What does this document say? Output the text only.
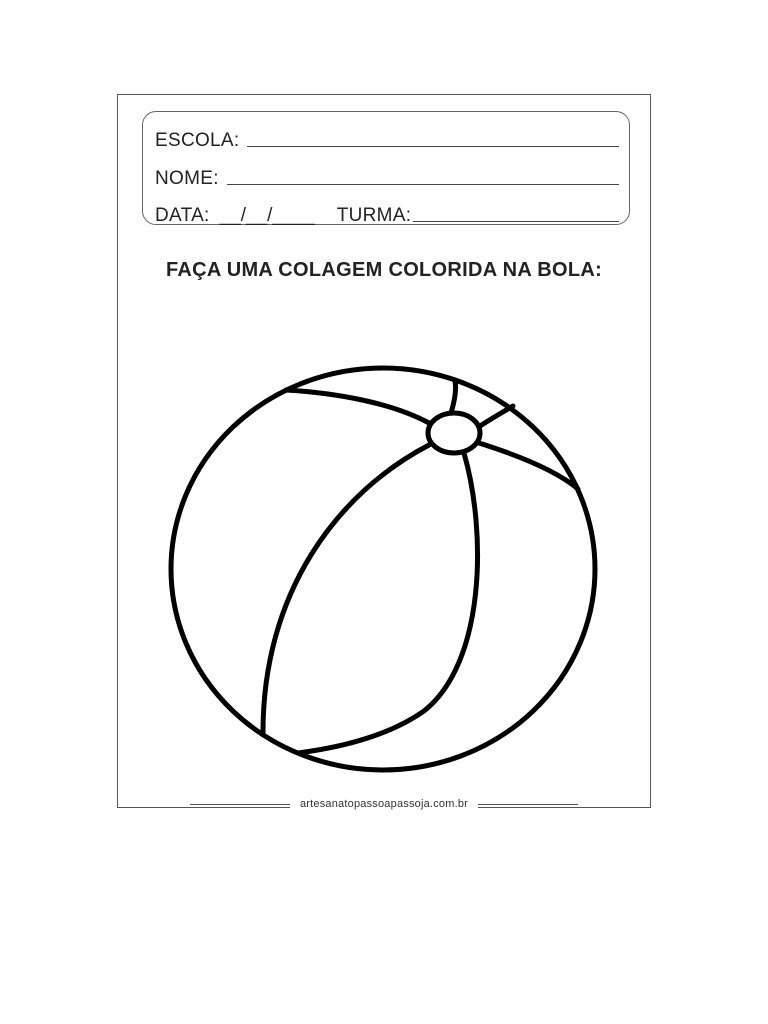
ESCOLA:
NOME:
DATA: __/__/____ TURMA:
FAÇA UMA COLAGEM COLORIDA NA BOLA:
artesanatopassoapassoja.com.br
